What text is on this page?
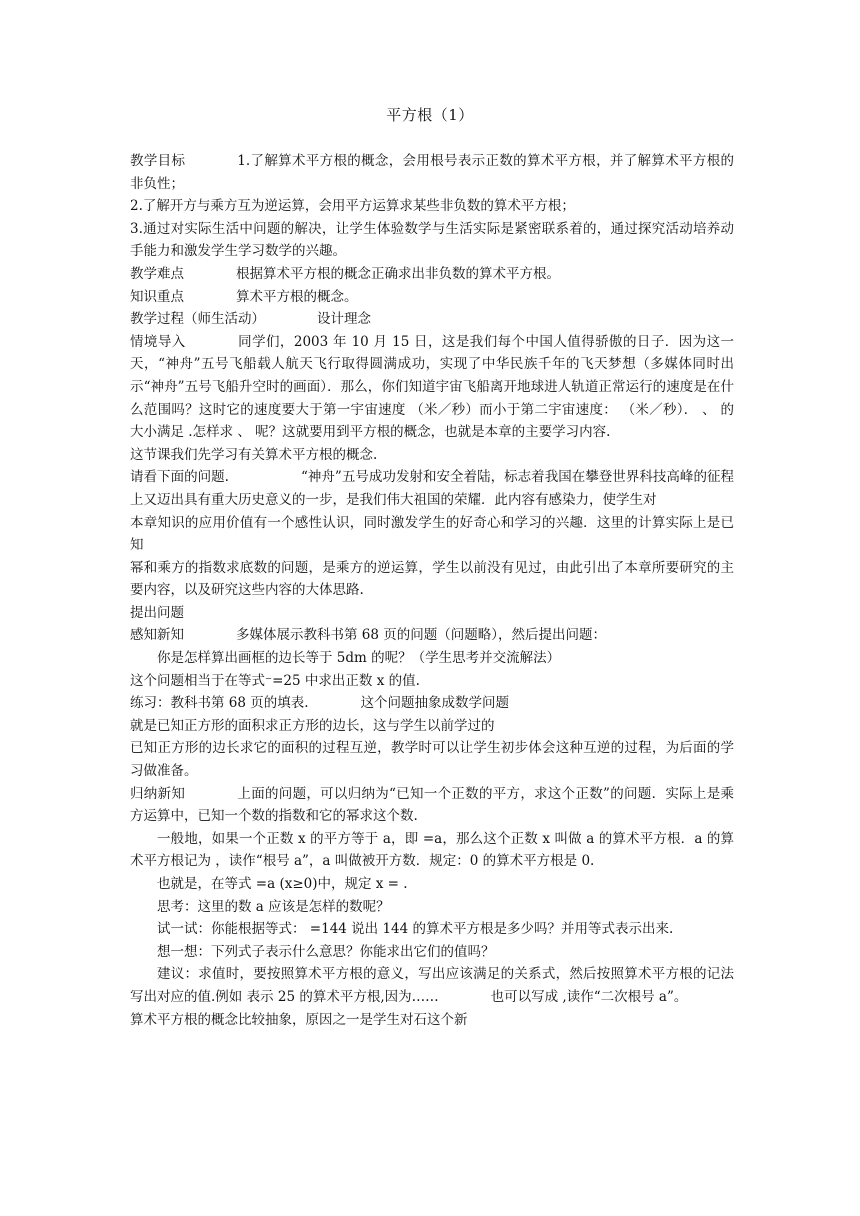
平方根（1）

教学目标	1.了解算术平方根的概念，会用根号表示正数的算术平方根，并了解算术平方根的非负性；

2.了解开方与乘方互为逆运算，会用平方运算求某些非负数的算术平方根；

3.通过对实际生活中问题的解决，让学生体验数学与生活实际是紧密联系着的，通过探究活动培养动手能力和激发学生学习数学的兴趣。

教学难点	根据算术平方根的概念正确求出非负数的算术平方根。

知识重点	算术平方根的概念。

教学过程（师生活动）	设计理念

情境导入	同学们，2003 年 10 月 15 日，这是我们每个中国人值得骄傲的日子．因为这一天，“神舟”五号飞船载人航天飞行取得圆满成功，实现了中华民族千年的飞天梦想（多媒体同时出示“神舟”五号飞船升空时的画面）．那么，你们知道宇宙飞船离开地球进人轨道正常运行的速度是在什么范围吗？这时它的速度要大于第一宇宙速度 （米／秒）而小于第二宇宙速度： （米／秒）． 、 的大小满足 .怎样求 、 呢？这就要用到平方根的概念，也就是本章的主要学习内容.

这节课我们先学习有关算术平方根的概念.

请看下面的问题.	“神舟”五号成功发射和安全着陆，标志着我国在攀登世界科技高峰的征程上又迈出具有重大历史意义的一步，是我们伟大祖国的荣耀．此内容有感染力，使学生对

本章知识的应用价值有一个感性认识，同时激发学生的好奇心和学习的兴趣．这里的计算实际上是已知

幂和乘方的指数求底数的问题，是乘方的逆运算，学生以前没有见过，由此引出了本章所要研究的主要内容，以及研究这些内容的大体思路.

提出问题

感知新知	多媒体展示教科书第 68 页的问题（问题略），然后提出问题：

你是怎样算出画框的边长等于 5dm 的呢？（学生思考并交流解法）

这个问题相当于在等式⁻=25 中求出正数 x 的值.

练习：教科书第 68 页的填表.	这个问题抽象成数学问题

就是已知正方形的面积求正方形的边长，这与学生以前学过的

已知正方形的边长求它的面积的过程互逆，教学时可以让学生初步体会这种互逆的过程，为后面的学习做准备。

归纳新知	上面的问题，可以归纳为“已知一个正数的平方，求这个正数”的问题．实际上是乘方运算中，已知一个数的指数和它的幂求这个数.

一般地，如果一个正数 x 的平方等于 a，即 =a，那么这个正数 x 叫做 a 的算术平方根．a 的算术平方根记为 ，读作“根号 a”，a 叫做被开方数．规定：0 的算术平方根是 0.

也就是，在等式 =a (x≥0)中，规定 x = .

思考：这里的数 a 应该是怎样的数呢？

试一试：你能根据等式： =144 说出 144 的算术平方根是多少吗？并用等式表示出来.

想一想：下列式子表示什么意思？你能求出它们的值吗？

建议：求值时，要按照算术平方根的意义，写出应该满足的关系式，然后按照算术平方根的记法写出对应的值.例如 表示 25 的算术平方根,因为……	也可以写成 ,读作“二次根号 a”。

算术平方根的概念比较抽象，原因之一是学生对石这个新
